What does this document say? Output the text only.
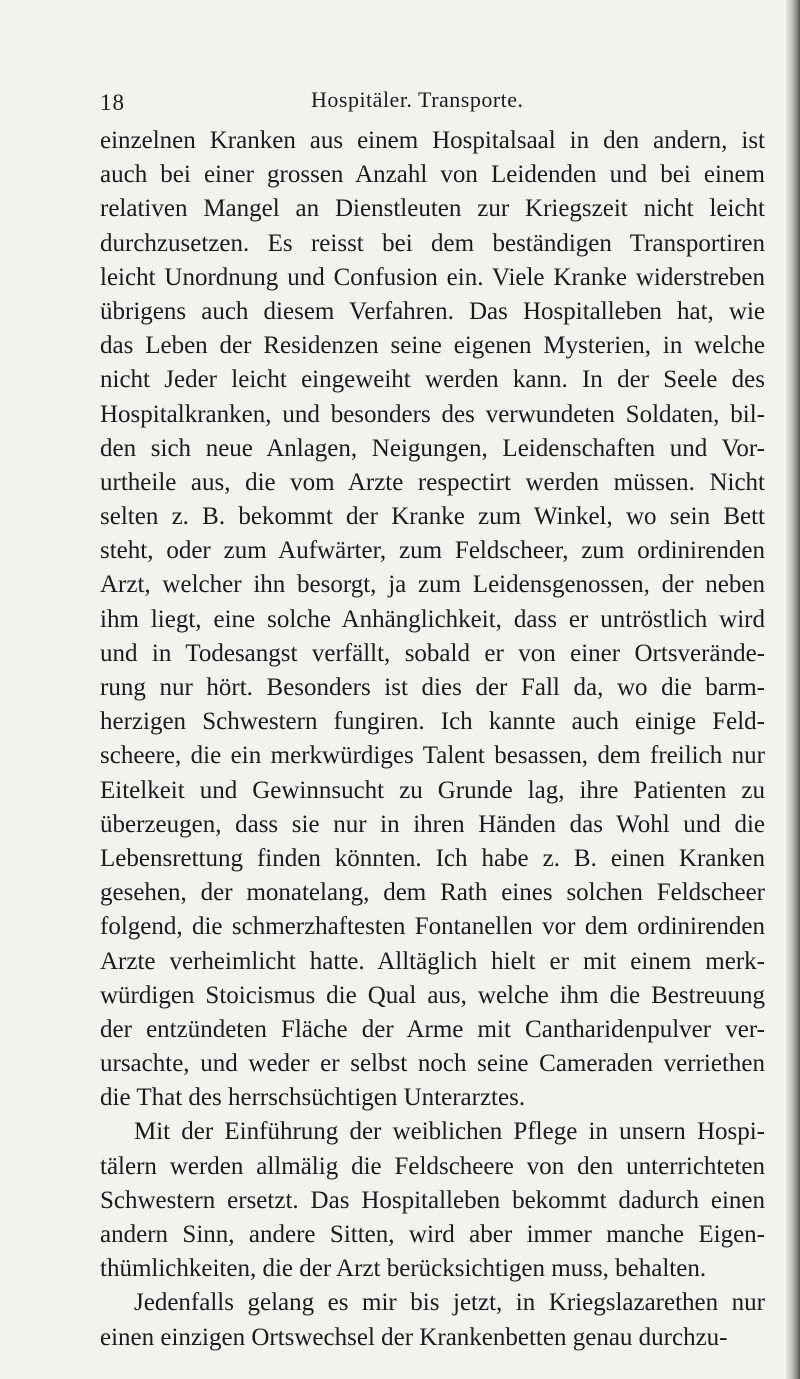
18	Hospitäler. Transporte.
einzelnen Kranken aus einem Hospitalsaal in den andern, ist
auch bei einer grossen Anzahl von Leidenden und bei einem
relativen Mangel an Dienstleuten zur Kriegszeit nicht leicht
durchzusetzen. Es reisst bei dem beständigen Transportiren
leicht Unordnung und Confusion ein. Viele Kranke widerstreben
übrigens auch diesem Verfahren. Das Hospitalleben hat, wie
das Leben der Residenzen seine eigenen Mysterien, in welche
nicht Jeder leicht eingeweiht werden kann. In der Seele des
Hospitalkranken, und besonders des verwundeten Soldaten, bil-
den sich neue Anlagen, Neigungen, Leidenschaften und Vor-
urtheile aus, die vom Arzte respectirt werden müssen. Nicht
selten z. B. bekommt der Kranke zum Winkel, wo sein Bett
steht, oder zum Aufwärter, zum Feldscheer, zum ordinirenden
Arzt, welcher ihn besorgt, ja zum Leidensgenossen, der neben
ihm liegt, eine solche Anhänglichkeit, dass er untröstlich wird
und in Todesangst verfällt, sobald er von einer Ortsverände-
rung nur hört. Besonders ist dies der Fall da, wo die barm-
herzigen Schwestern fungiren. Ich kannte auch einige Feld-
scheere, die ein merkwürdiges Talent besassen, dem freilich nur
Eitelkeit und Gewinnsucht zu Grunde lag, ihre Patienten zu
überzeugen, dass sie nur in ihren Händen das Wohl und die
Lebensrettung finden könnten. Ich habe z. B. einen Kranken
gesehen, der monatelang, dem Rath eines solchen Feldscheer
folgend, die schmerzhaftesten Fontanellen vor dem ordinirenden
Arzte verheimlicht hatte. Alltäglich hielt er mit einem merk-
würdigen Stoicismus die Qual aus, welche ihm die Bestreuung
der entzündeten Fläche der Arme mit Cantharidenpulver ver-
ursachte, und weder er selbst noch seine Cameraden verriethen
die That des herrschsüchtigen Unterarztes.
Mit der Einführung der weiblichen Pflege in unsern Hospi-
tälern werden allmälig die Feldscheere von den unterrichteten
Schwestern ersetzt. Das Hospitalleben bekommt dadurch einen
andern Sinn, andere Sitten, wird aber immer manche Eigen-
thümlichkeiten, die der Arzt berücksichtigen muss, behalten.
Jedenfalls gelang es mir bis jetzt, in Kriegslazarethen nur
einen einzigen Ortswechsel der Krankenbetten genau durchzu-
